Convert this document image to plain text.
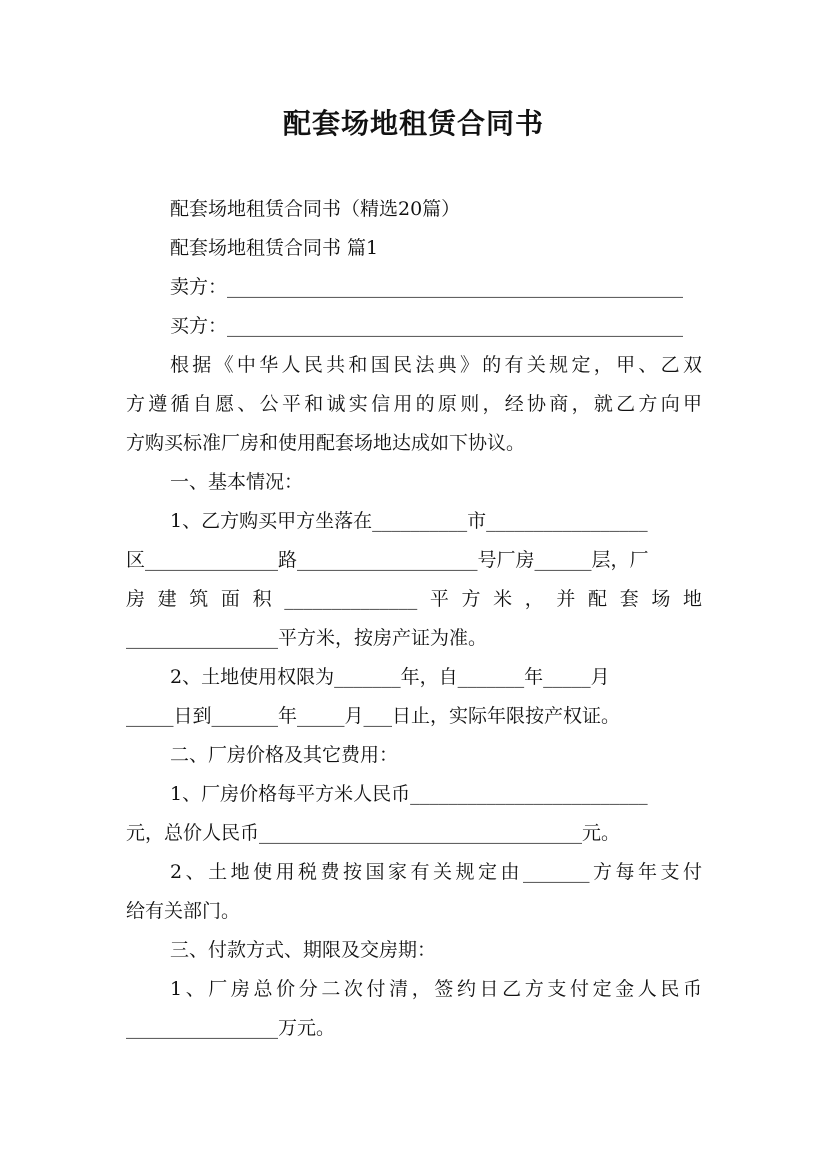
配套场地租赁合同书

配套场地租赁合同书（精选20篇）

配套场地租赁合同书 篇1

卖方：________________________________________________

买方：________________________________________________

根据《中华人民共和国民法典》的有关规定，甲、乙双

方遵循自愿、公平和诚实信用的原则，经协商，就乙方向甲

方购买标准厂房和使用配套场地达成如下协议。

一、基本情况：

1、乙方购买甲方坐落在__________市_________________

区______________路___________________号厂房______层，厂

房建筑面积______________平方米，并配套场地

________________平方米，按房产证为准。

2、土地使用权限为_______年，自_______年_____月

_____日到_______年_____月___日止，实际年限按产权证。

二、厂房价格及其它费用：

1、厂房价格每平方米人民币_________________________

元，总价人民币__________________________________元。

2、土地使用税费按国家有关规定由_______方每年支付

给有关部门。

三、付款方式、期限及交房期：

1、厂房总价分二次付清，签约日乙方支付定金人民币

________________万元。
